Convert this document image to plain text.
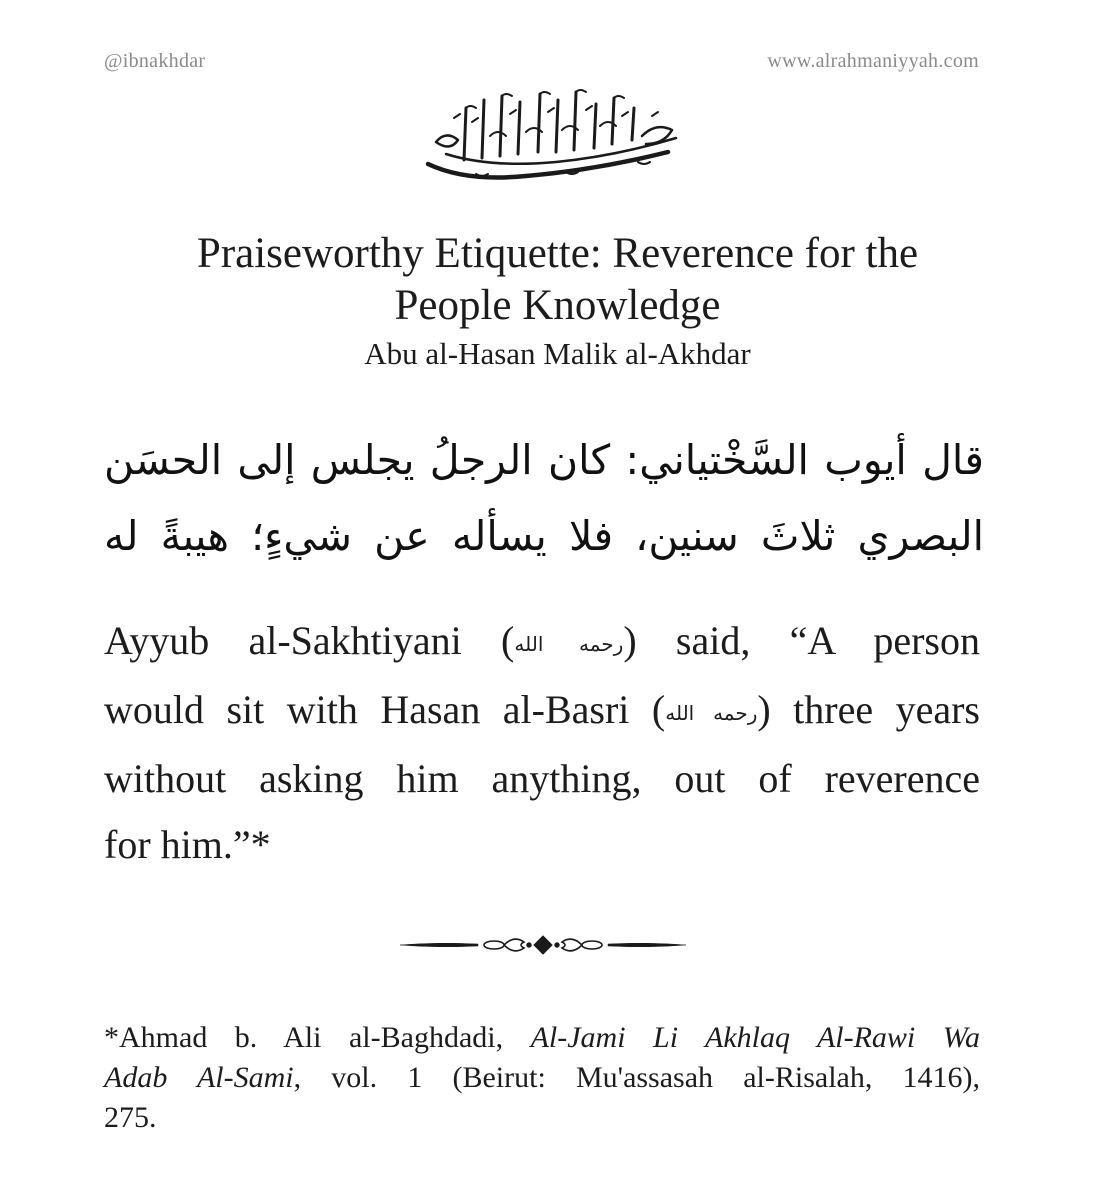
@ibnakhdar	www.alrahmaniyyah.com
بسم الله الرحمن الرحيم
Praiseworthy Etiquette: Reverence for the
People Knowledge
Abu al-Hasan Malik al-Akhdar
قال أيوب السَّخْتياني: كان الرجلُ يجلس إلى الحسَن
البصري ثلاثَ سنين، فلا يسأله عن شيءٍ؛ هيبةً له
Ayyub al-Sakhtiyani (رحمه الله) said, “A person
would sit with Hasan al-Basri (رحمه الله) three years
without asking him anything, out of reverence
for him.”*
*Ahmad b. Ali al-Baghdadi, Al-Jami Li Akhlaq Al-Rawi Wa
Adab Al-Sami, vol. 1 (Beirut: Mu'assasah al-Risalah, 1416),
275.
